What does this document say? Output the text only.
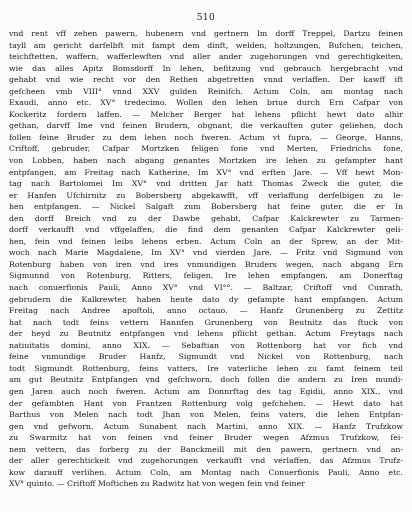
510
vnd rent vff zehen pawern, hubenern vnd gertnern Im dorff Treppel, Dartzu feinen
tayll am gericht darfelbft mit fampt dem dinft, welden, holtzungen, Bufchen, teichen,
teichftetten, waffern, wafferlewften vnd aller ander zugehorungen vnd gerechtigkeiten,
wie das alles Apitz Bomsdorff In lehen, befitzung vnd gebrauch hergebracht vnd
gehabt vnd wie recht vor den Rethen abgetretten vnnd verlaffen. Der kawff ift
gefcheen vmb VIII° vnnd XXV gulden Reinifch. Actum Coln, am montag nach
Exaudi, anno etc. XV° tredecimo. Wollen den lehen briue durch Ern Cafpar von
Kockeritz fordern laffen. — Melcher Berger hat lehens pflicht hewt dato alhir
gethan, darvff Ime vnd feinen Brudern, obgnant, die verkauften guter geliehen, doch
follen feine Bruder zu dem lehen noch fweren. Actum vt fupra. — George, Hanns,
Criftoff, gebruder, Cafpar Mortzken feligen fone vnd Merten, Friedrichs fone,
von Lobben, haben nach abgang genantes Mortzken ire lehen zu gefampter hant
entpfangen, am Freitag nach Katherine, Im XV° vnd erften Jare. — Vff hewt Mon-
tag nach Bartolomei Im XV° vnd dritten Jar hatt Thomas Zweck die guter, die
er Hanfen Ufchirnitz zu Bobersberg abgekawfft, vff verlaffung derfelbigen zu le-
hen entpfangen. — Nickel Salgaft zum Bobersberg hat feine guter, die er In
den dorff Breich vnd zu der Dawbe gehabt, Cafpar Kalckrewter zu Tarmen-
dorff verkaufft vnd vffgelaffen, die find dem genanten Cafpar Kalckrewter geli-
hen, fein vnd feinen leibs lehens erben. Actum Coln an der Sprew, an der Mit-
woch nach Marie Magdalene, Im XV° vnd vierden Jare. — Fritz vnd Sigmund von
Rotenburg haben von iren vnd ires vnmundigen Bruders wegen, nach abgang Ern
Sigmunnd von Rotenburg, Ritters, feligen, Ire lehen empfangen, am Donerftag
nach conuerfionis Pauli, Anno XV° vnd VI°°. — Baltzar, Criftoff vnd Cunrath,
gebrudern die Kalkrewter, haben heute dato dy gefampte hant empfangen. Actum
Freitag nach Andree apoftoli, anno octauo. — Hanfz Grunenberg zu Zettitz
hat nach todt feins vettern Hannfen Grunenberg von Beutnitz das ftuck von
der heyd zu Beutnitz entpfangen vnd lehens pflicht gethan. Actum Freytags nach
natiuitatis domini, anno XIX. — Sebaftian von Rottenborg hat vor fich vnd
feine vnmundige Bruder Hanfz, Sigmundt vnd Nickel von Rottenburg, nach
todt Sigmundt Rottenburg, feins vatters, Ire vaterliche lehen zu famt feinem teil
am gut Beutnitz Entpfangen vnd gefchworn, doch follen die andern zu Iren mundi-
gen Jaren auch noch fweren. Actum am Donnrftag des tag Egidii, anno XIX., vnd
der gefambten Hant von Frantzen Rottenburg volg gefchehen. — Hewt dato hat
Barthus von Melen nach todt Jhan von Melen, feins vaters, die lehen Entpfan-
gen vnd gefworn. Actum Sunabent nach Martini, anno XIX. — Hanfz Trufzkow
zu Swarmitz hat von feinen vnd feiner Bruder wegen Afzmus Trufzkow, fei-
nem vettern, das forberg zu der Banckmeill mit den pawern, gertnern vnd an-
der aller gerechtickeit vnd zugehorungen verkaufft vnd verlaffen, das Afzmus Trufz-
kow darauff verlihen. Actum Coln, am Montag nach Conuerfionis Pauli, Anno etc.
XV° quinto. — Criftoff Moftichen zu Radwitz hat von wegen fein vnd feiner
